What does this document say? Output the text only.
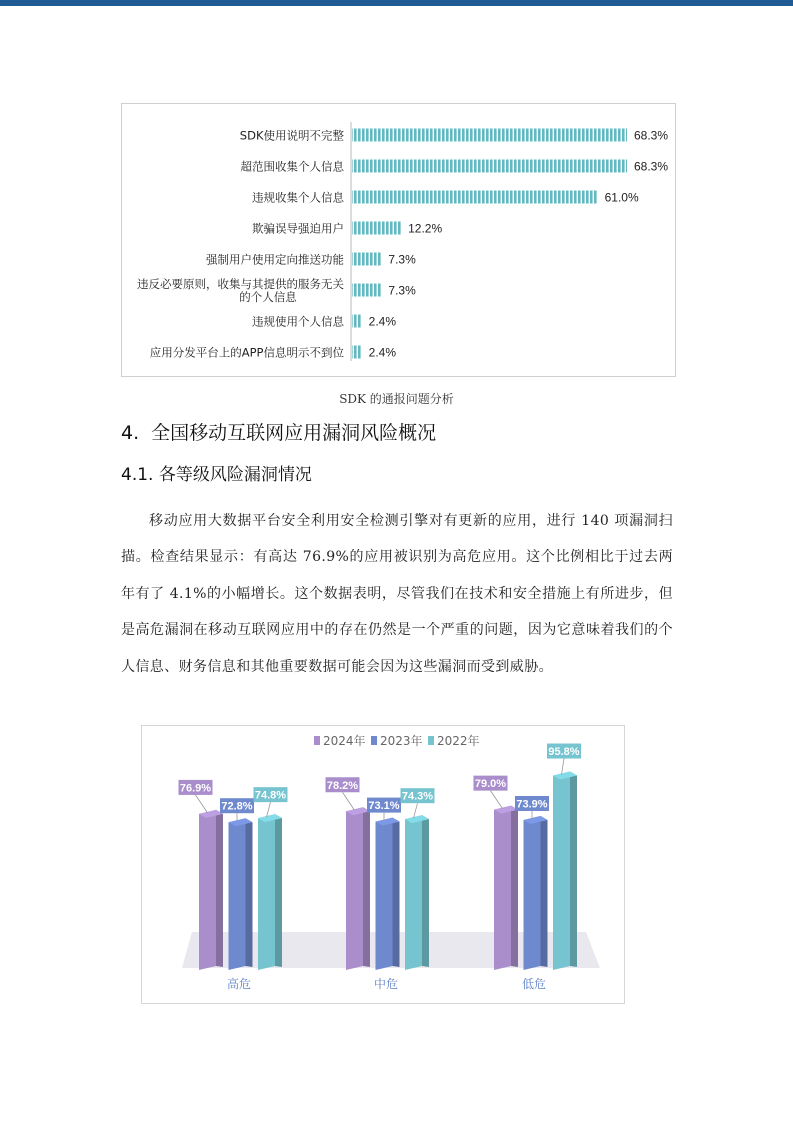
68.3%
SDK使用说明不完整
68.3%
超范围收集个人信息
61.0%
违规收集个人信息
12.2%
欺骗误导强迫用户
7.3%
强制用户使用定向推送功能
7.3%
违反必要原则，收集与其提供的服务无关
的个人信息
2.4%
违规使用个人信息
2.4%
应用分发平台上的APP信息明示不到位
SDK 的通报问题分析
4. 全国移动互联网应用漏洞风险概况
4.1. 各等级风险漏洞情况
移动应用大数据平台安全利用安全检测引擎对有更新的应用，进行 140 项漏洞扫描。检查结果显示：有高达 76.9%的应用被识别为高危应用。这个比例相比于过去两年有了 4.1%的小幅增长。这个数据表明，尽管我们在技术和安全措施上有所进步，但是高危漏洞在移动互联网应用中的存在仍然是一个严重的问题，因为它意味着我们的个人信息、财务信息和其他重要数据可能会因为这些漏洞而受到威胁。
2024年 2023年 2022年
76.9%
72.8%
74.8%
高危
78.2%
73.1%
74.3%
中危
79.0%
73.9%
95.8%
低危
